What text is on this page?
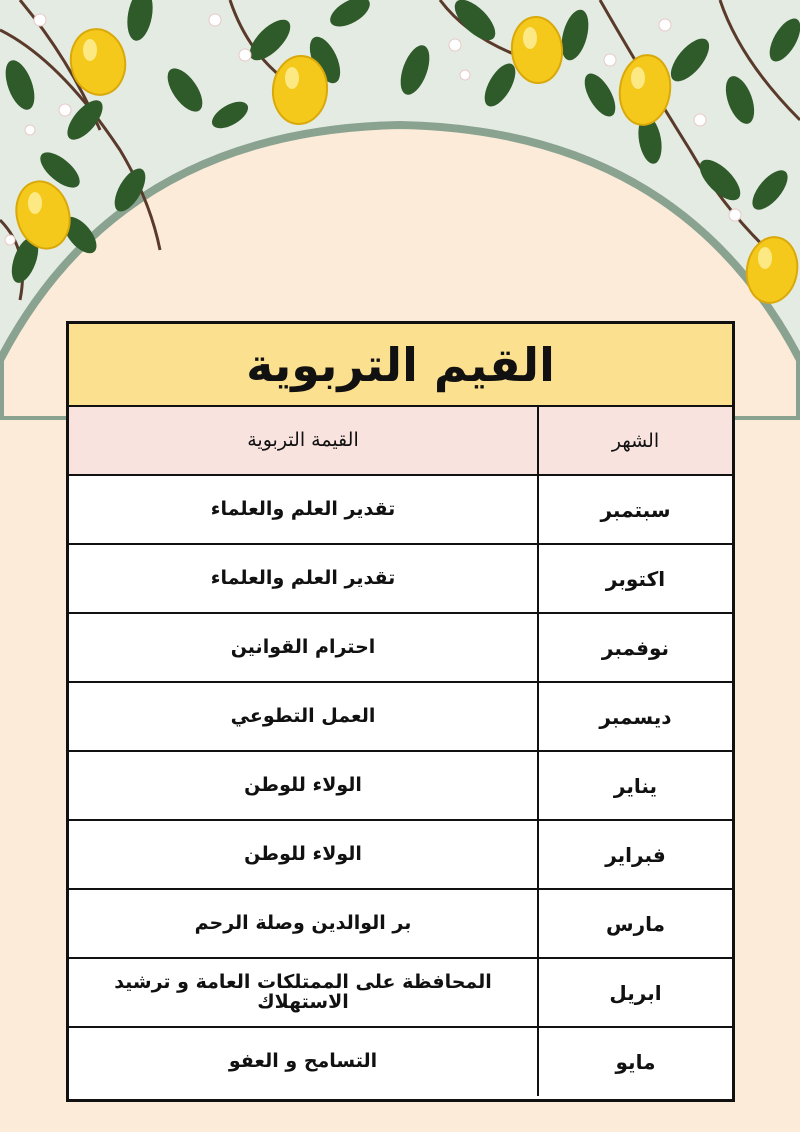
القيم التربوية
الشهر	القيمة التربوية
سبتمبر	تقدير العلم والعلماء
اكتوبر	تقدير العلم والعلماء
نوفمبر	احترام القوانين
ديسمبر	العمل التطوعي
يناير	الولاء للوطن
فبراير	الولاء للوطن
مارس	بر الوالدين وصلة الرحم
ابريل	المحافظة على الممتلكات العامة و ترشيد الاستهلاك
مايو	التسامح و العفو
